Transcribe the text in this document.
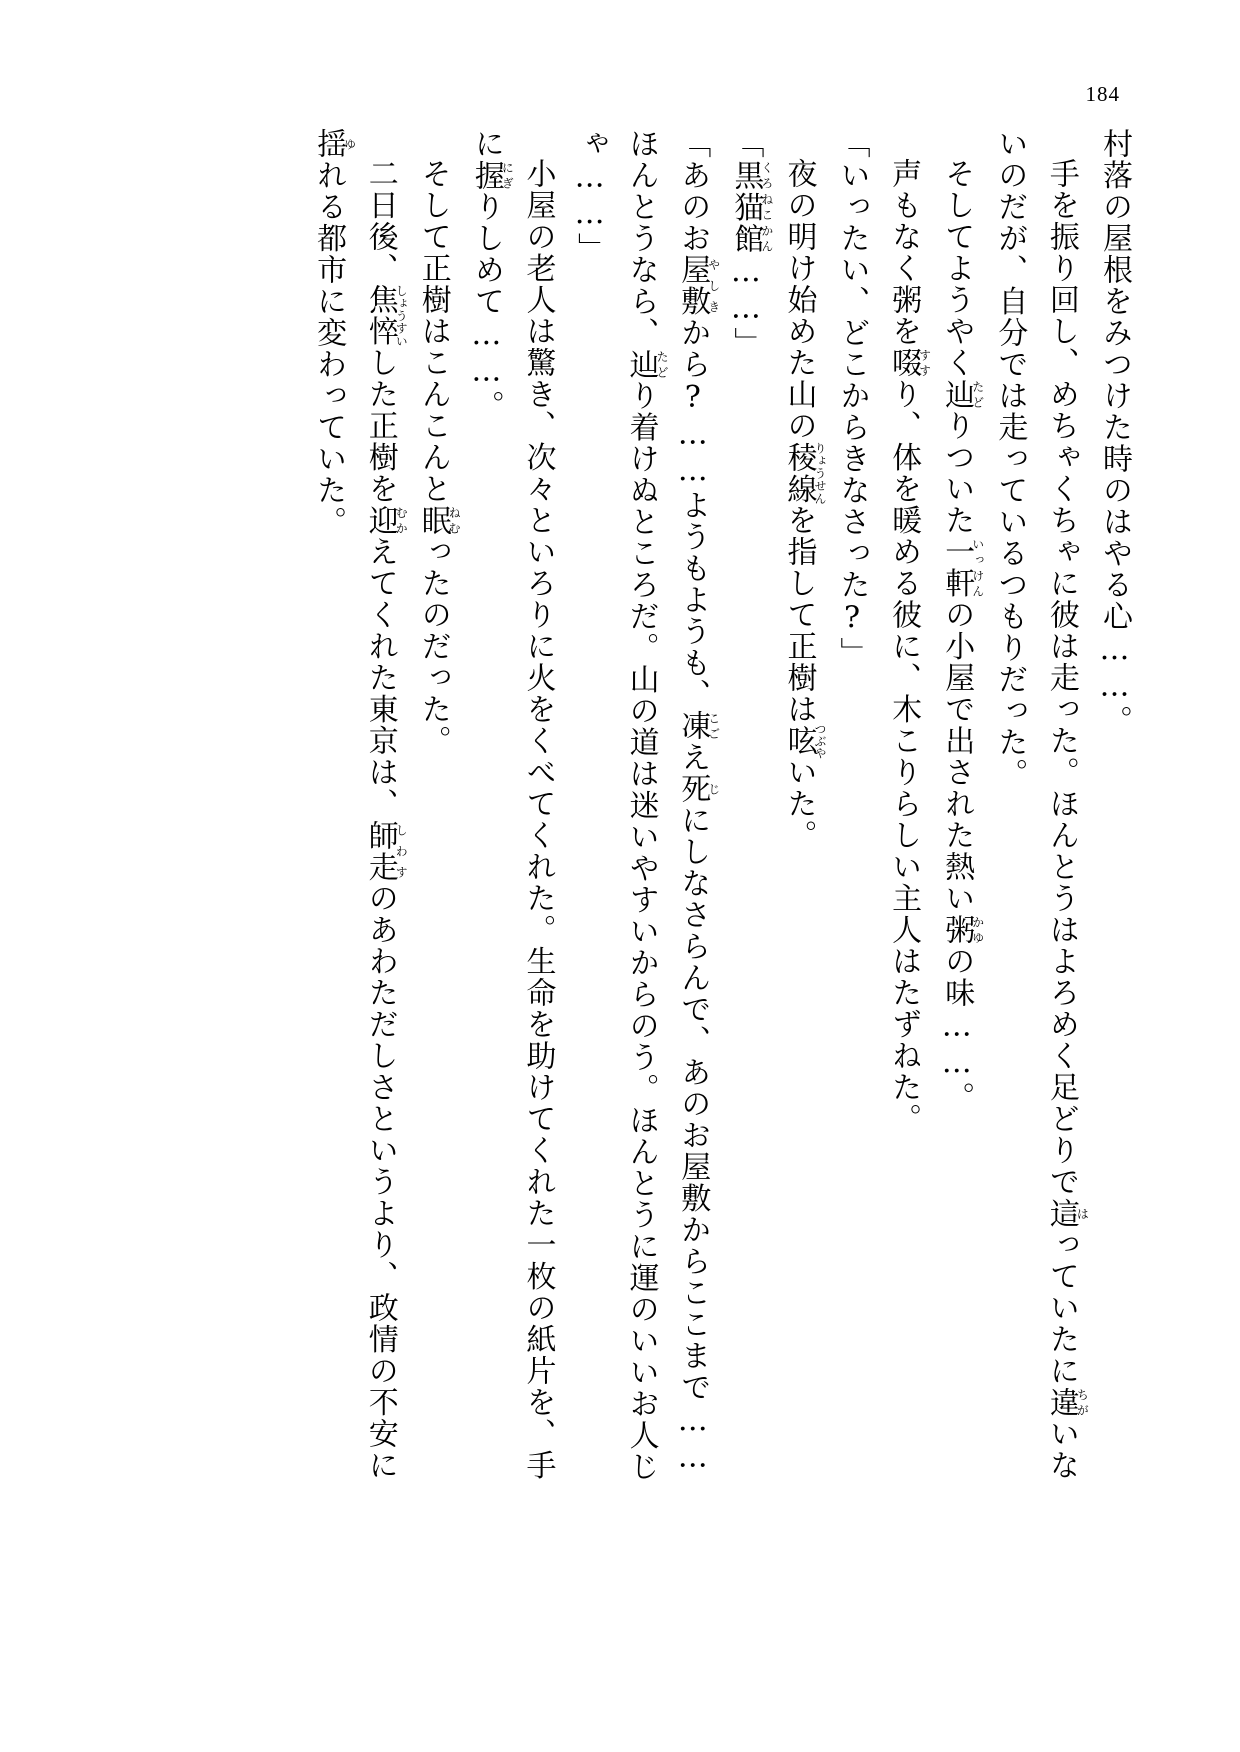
184

村落の屋根をみつけた時のはやる心……。

手を振り回し、めちゃくちゃに彼は走った。ほんとうはよろめく足どりで這はっていたに違ちがいないのだが、自分では走っているつもりだった。

そしてようやく辿たどりついた一軒いっけんの小屋で出された熱い粥かゆの味……。

声もなく粥を啜すすり、体を暖める彼に、木こりらしい主人はたずねた。

「いったい、どこからきなさった?」

夜の明け始めた山の稜線りょうせんを指して正樹は呟つぶやいた。

「黒猫館くろねこかん……」

「あのお屋敷やしきから?……ようもようも、凍こごえ死じにしなさらんで、あのお屋敷からここまで……ほんとうなら、辿たどり着けぬところだ。山の道は迷いやすいからのう。ほんとうに運のいいお人じゃ……」

小屋の老人は驚き、次々といろりに火をくべてくれた。生命を助けてくれた一枚の紙片を、手に握にぎりしめて……。

そして正樹はこんこんと眠ねむったのだった。

二日後、焦悴しょうすいした正樹を迎むかえてくれた東京は、師走しわすのあわただしさというより、政情の不安に揺ゆれる都市に変わっていた。
